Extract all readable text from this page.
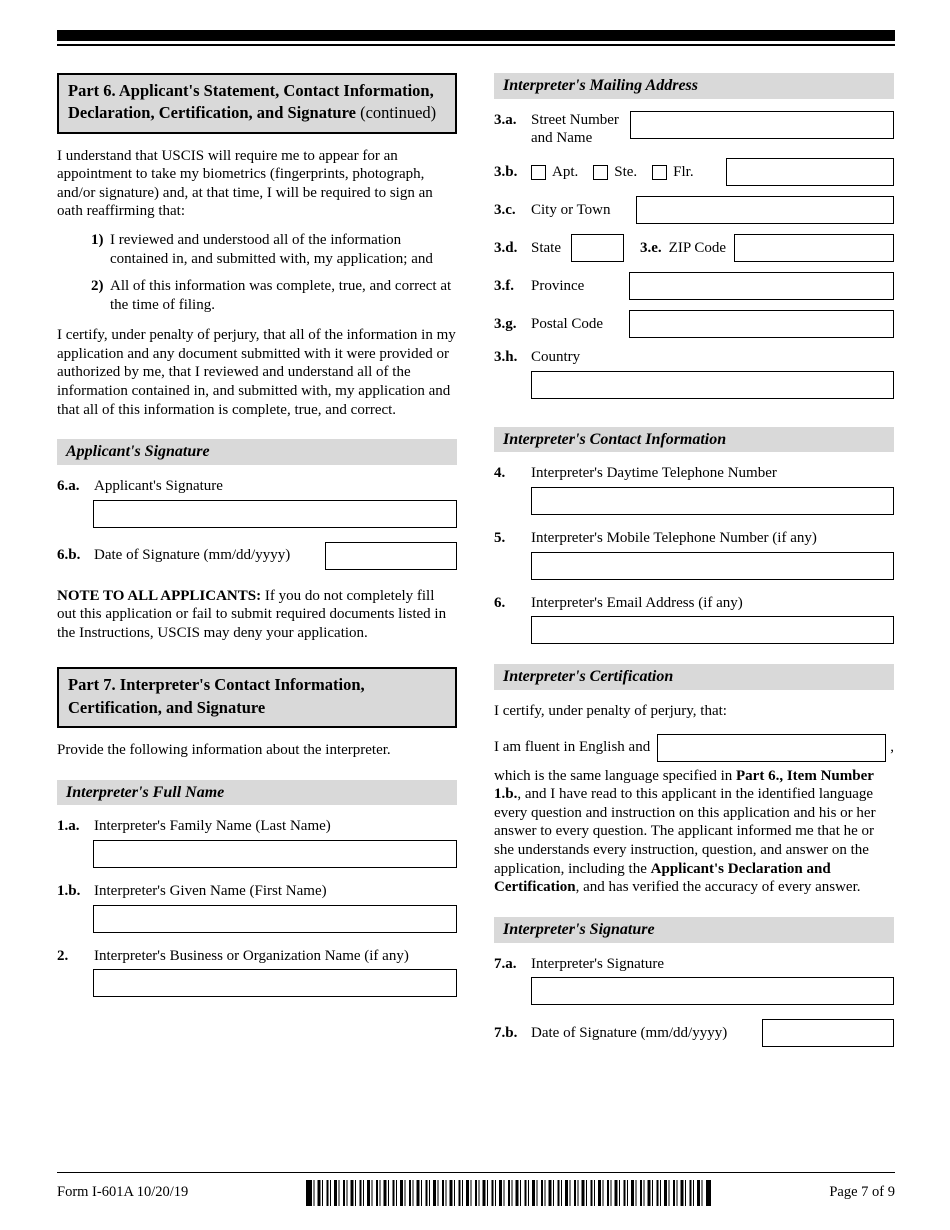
Part 6. Applicant's Statement, Contact Information, Declaration, Certification, and Signature (continued)

I understand that USCIS will require me to appear for an appointment to take my biometrics (fingerprints, photograph, and/or signature) and, at that time, I will be required to sign an oath reaffirming that:

1) I reviewed and understood all of the information contained in, and submitted with, my application; and
2) All of this information was complete, true, and correct at the time of filing.

I certify, under penalty of perjury, that all of the information in my application and any document submitted with it were provided or authorized by me, that I reviewed and understand all of the information contained in, and submitted with, my application and that all of this information is complete, true, and correct.

Applicant's Signature
6.a. Applicant's Signature
6.b. Date of Signature (mm/dd/yyyy)

NOTE TO ALL APPLICANTS: If you do not completely fill out this application or fail to submit required documents listed in the Instructions, USCIS may deny your application.

Part 7. Interpreter's Contact Information, Certification, and Signature

Provide the following information about the interpreter.

Interpreter's Full Name
1.a. Interpreter's Family Name (Last Name)
1.b. Interpreter's Given Name (First Name)
2.	Interpreter's Business or Organization Name (if any)
Interpreter's Mailing Address
3.a. Street Number and Name
3.b.	Apt. Ste. Flr.
3.c.	City or Town
3.d. State	3.e. ZIP Code
3.f.	Province
3.g. Postal Code
3.h. Country
Interpreter's Contact Information
4.	Interpreter's Daytime Telephone Number
5.	Interpreter's Mobile Telephone Number (if any)
6.	Interpreter's Email Address (if any)
Interpreter's Certification

I certify, under penalty of perjury, that:

I am fluent in English and	,

which is the same language specified in Part 6., Item Number 1.b., and I have read to this applicant in the identified language every question and instruction on this application and his or her answer to every question. The applicant informed me that he or she understands every instruction, question, and answer on the application, including the Applicant's Declaration and Certification, and has verified the accuracy of every answer.

Interpreter's Signature
7.a. Interpreter's Signature
7.b. Date of Signature (mm/dd/yyyy)
Form I-601A 10/20/19	Page 7 of 9
